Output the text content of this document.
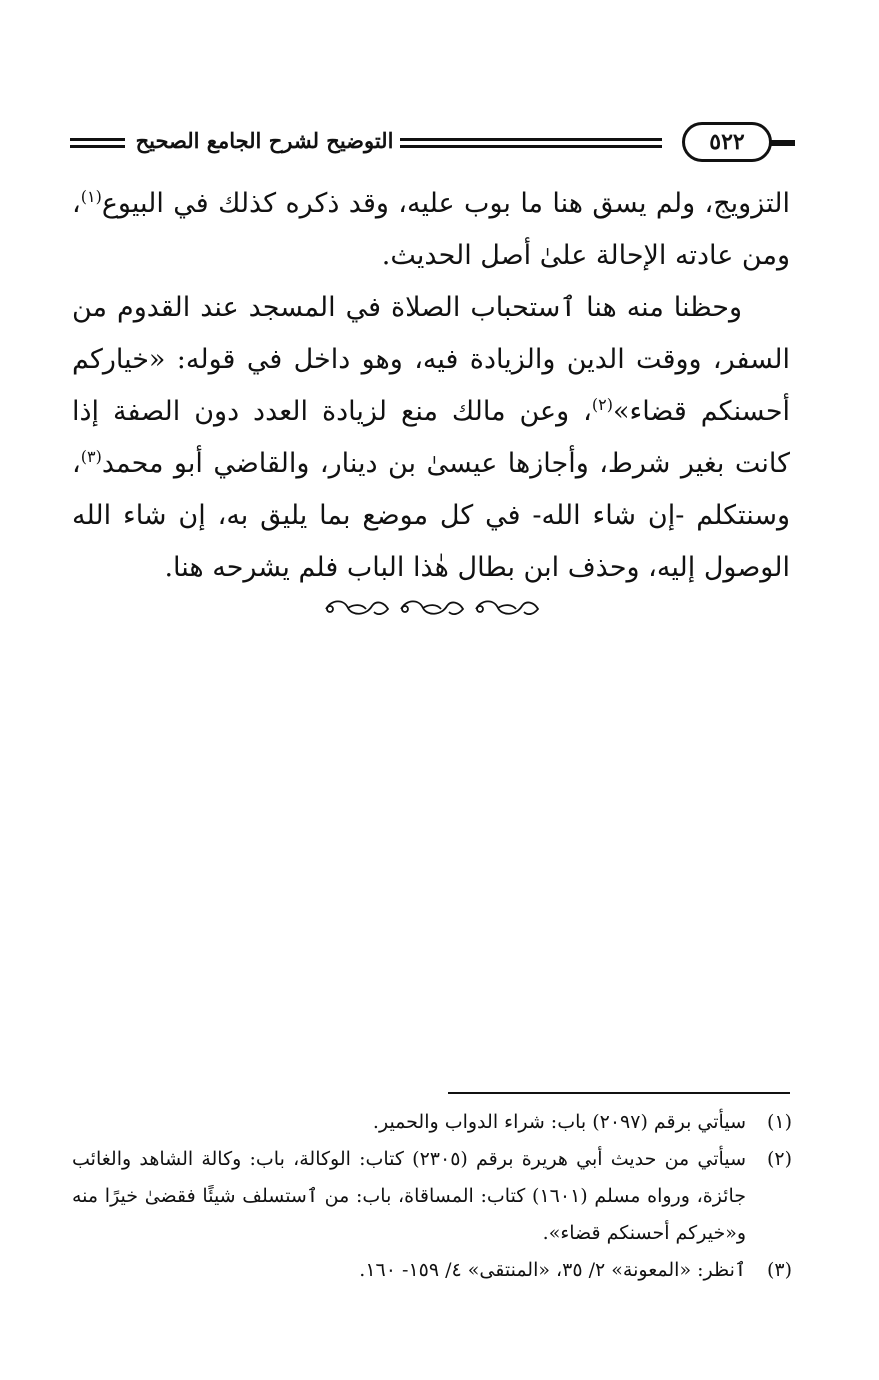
التوضيح لشرح الجامع الصحيح	٥٢٢

التزويج، ولم يسق هنا ما بوب عليه، وقد ذكره كذلك في البيوع$^{(١)}$، ومن عادته الإحالة علىٰ أصل الحديث.

وحظنا منه هنا ٱستحباب الصلاة في المسجد عند القدوم من السفر، ووقت الدين والزيادة فيه، وهو داخل في قوله: «خياركم أحسنكم قضاء»$^{(٢)}$، وعن مالك منع لزيادة العدد دون الصفة إذا كانت بغير شرط، وأجازها عيسىٰ بن دينار، والقاضي أبو محمد$^{(٣)}$، وسنتكلم -إن شاء الله- في كل موضع بما يليق به، إن شاء الله الوصول إليه، وحذف ابن بطال هٰذا الباب فلم يشرحه هنا.

(١)
سيأتي برقم (٢٠٩٧) باب: شراء الدواب والحمير.
(٢)
سيأتي من حديث أبي هريرة برقم (٢٣٠٥) كتاب: الوكالة، باب: وكالة الشاهد والغائب جائزة، ورواه مسلم (١٦٠١) كتاب: المساقاة، باب: من ٱستسلف شيئًا فقضىٰ خيرًا منه و«خيركم أحسنكم قضاء».
(٣)
ٱنظر: «المعونة» ٢/ ٣٥، «المنتقى» ٤/ ١٥٩- ١٦٠.
